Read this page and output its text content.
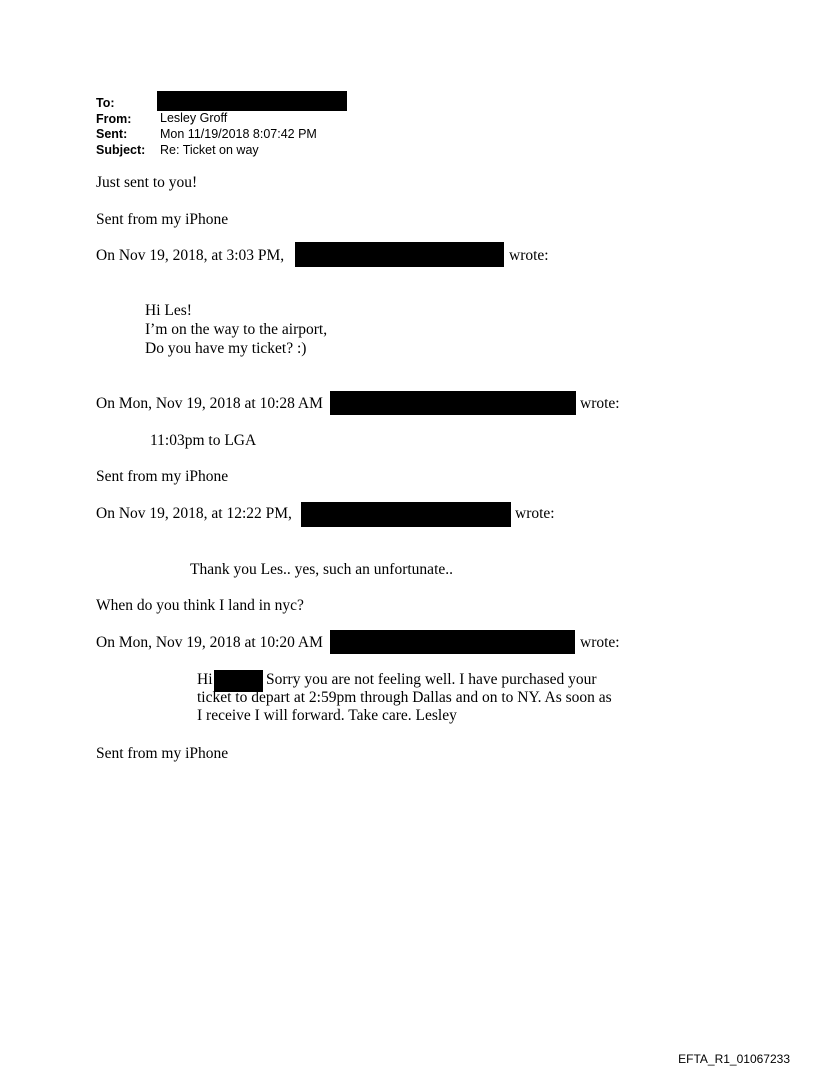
To:
From: Lesley Groff
Sent:	Mon 11/19/2018 8:07:42 PM
Subject: Re: Ticket on way
Just sent to you!
Sent from my iPhone
On Nov 19, 2018, at 3:03 PM,	wrote:
Hi Les!
I’m on the way to the airport,
Do you have my ticket? :)
On Mon, Nov 19, 2018 at 10:28 AM	wrote:
11:03pm to LGA
Sent from my iPhone
On Nov 19, 2018, at 12:22 PM,	wrote:
Thank you Les.. yes, such an unfortunate..
When do you think I land in nyc?
On Mon, Nov 19, 2018 at 10:20 AM	wrote:
Hi	Sorry you are not feeling well. I have purchased your
ticket to depart at 2:59pm through Dallas and on to NY. As soon as
I receive I will forward. Take care. Lesley
Sent from my iPhone
EFTA_R1_01067233
